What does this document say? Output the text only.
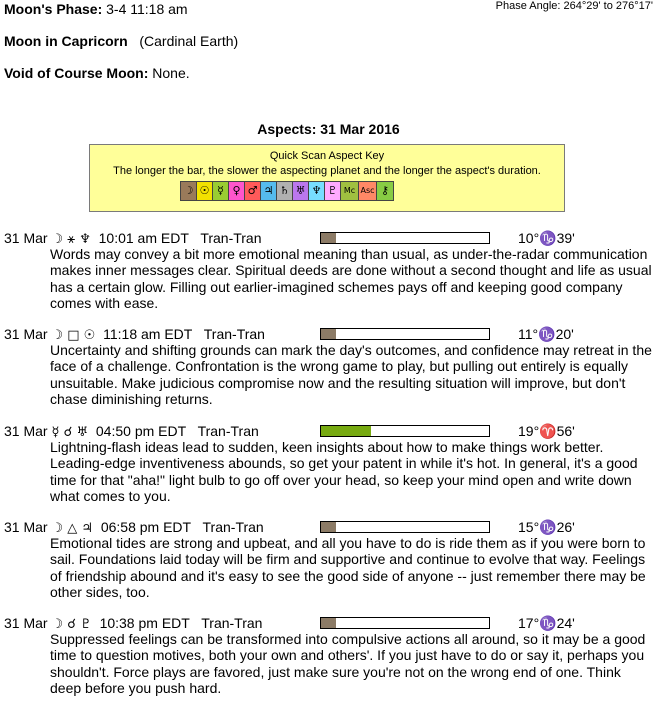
Moon's Phase: 3-4 11:18 am	Phase Angle: 264°29' to 276°17'
Moon in Capricorn (Cardinal Earth)
Void of Course Moon: None.
Aspects: 31 Mar 2016
Quick Scan Aspect Key
The longer the bar, the slower the aspecting planet and the longer the aspect's duration.
☽ ☉ ☿ ♀ ♂ ♃ ♄ ♅ ♆ ♇ Mc Asc ⚷
31 Mar ☽ ⚹ ♆ 10:01 am EDT Tran-Tran	10°♑39'
Words may convey a bit more emotional meaning than usual, as under-the-radar communication makes inner messages clear. Spiritual deeds are done without a second thought and life as usual has a certain glow. Filling out earlier-imagined schemes pays off and keeping good company comes with ease.
31 Mar ☽ □ ☉ 11:18 am EDT Tran-Tran	11°♑20'
Uncertainty and shifting grounds can mark the day's outcomes, and confidence may retreat in the face of a challenge. Confrontation is the wrong game to play, but pulling out entirely is equally unsuitable. Make judicious compromise now and the resulting situation will improve, but don't chase diminishing returns.
31 Mar ☿ ☌ ♅ 04:50 pm EDT Tran-Tran	19°♈56'
Lightning-flash ideas lead to sudden, keen insights about how to make things work better. Leading-edge inventiveness abounds, so get your patent in while it's hot. In general, it's a good time for that "aha!" light bulb to go off over your head, so keep your mind open and write down what comes to you.
31 Mar ☽ △ ♃ 06:58 pm EDT Tran-Tran	15°♑26'
Emotional tides are strong and upbeat, and all you have to do is ride them as if you were born to sail. Foundations laid today will be firm and supportive and continue to evolve that way. Feelings of friendship abound and it's easy to see the good side of anyone -- just remember there may be other sides, too.
31 Mar ☽ ☌ ♇ 10:38 pm EDT Tran-Tran	17°♑24'
Suppressed feelings can be transformed into compulsive actions all around, so it may be a good time to question motives, both your own and others'. If you just have to do or say it, perhaps you shouldn't. Force plays are favored, just make sure you're not on the wrong end of one. Think deep before you push hard.
